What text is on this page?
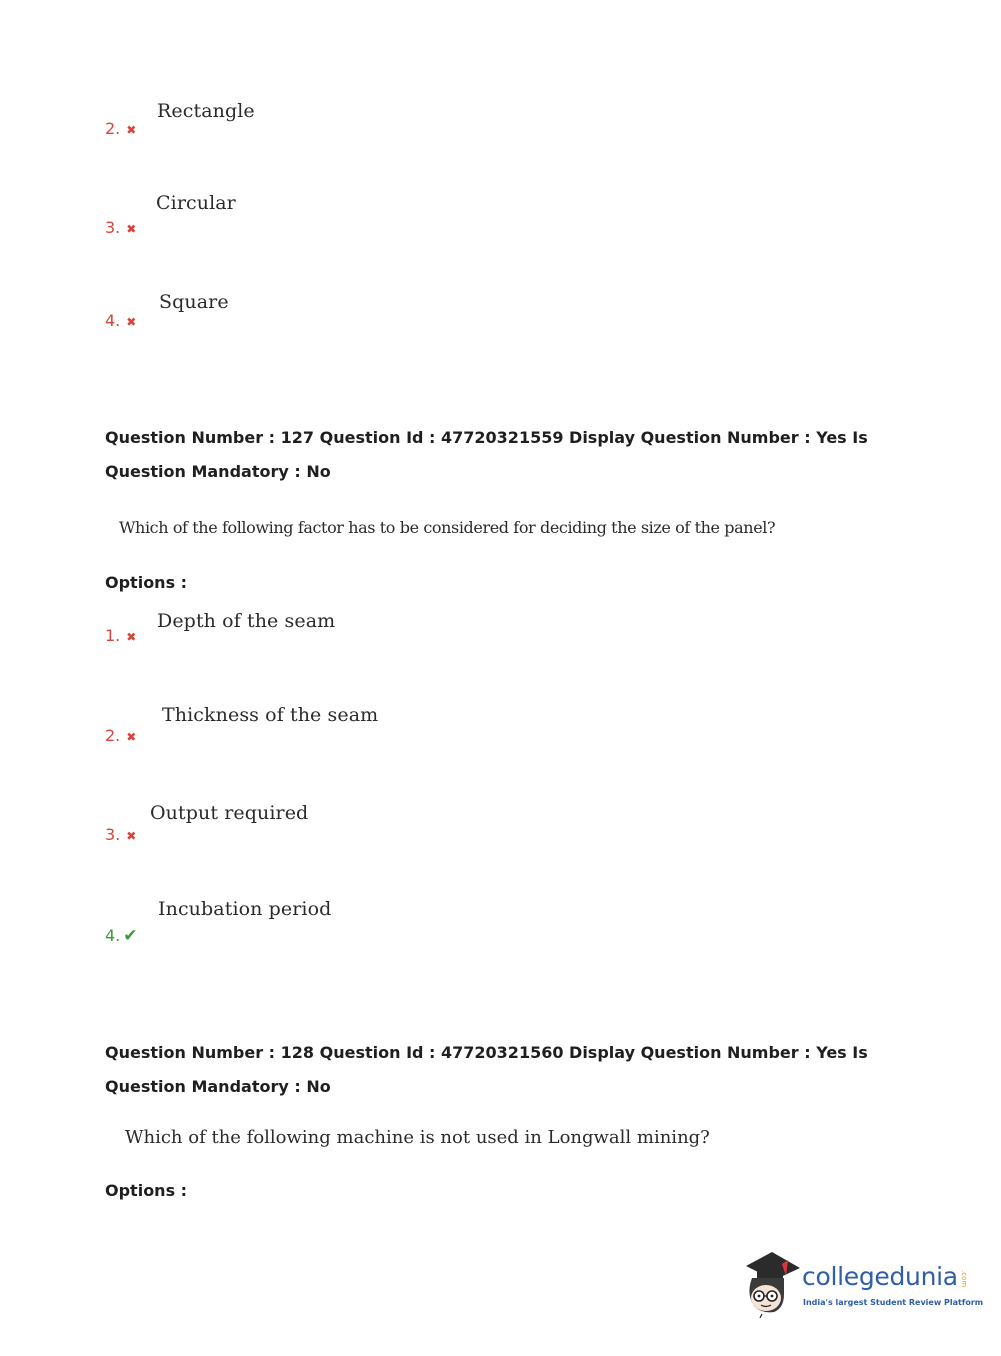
Rectangle
2. ✖
Circular
3. ✖
Square
4. ✖
Question Number : 127 Question Id : 47720321559 Display Question Number : Yes Is Question Mandatory : No
Which of the following factor has to be considered for deciding the size of the panel?
Options :
Depth of the seam
1. ✖
Thickness of the seam
2. ✖
Output required
3. ✖
Incubation period
4. ✔
Question Number : 128 Question Id : 47720321560 Display Question Number : Yes Is Question Mandatory : No
Which of the following machine is not used in Longwall mining?
Options :
collegedunia .com
India's largest Student Review Platform
